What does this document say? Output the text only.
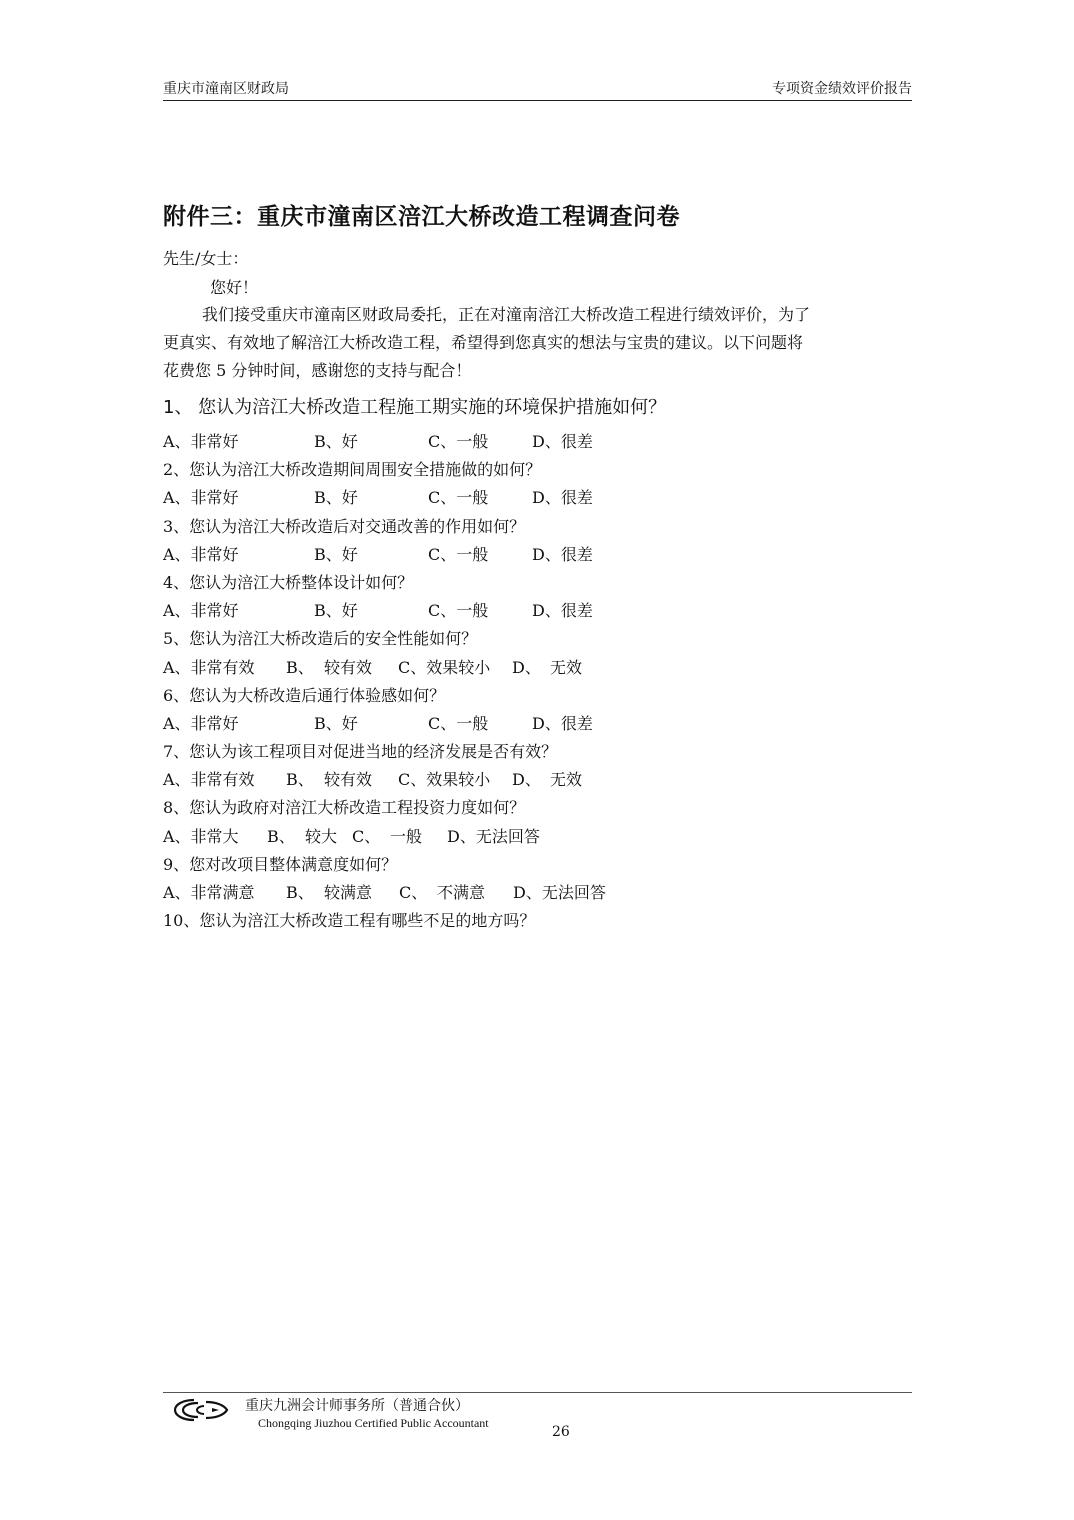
重庆市潼南区财政局	专项资金绩效评价报告
附件三：重庆市潼南区涪江大桥改造工程调查问卷
先生/女士：
您好！
我们接受重庆市潼南区财政局委托，正在对潼南涪江大桥改造工程进行绩效评价，为了
更真实、有效地了解涪江大桥改造工程，希望得到您真实的想法与宝贵的建议。以下问题将
花费您 5 分钟时间，感谢您的支持与配合！
1、 您认为涪江大桥改造工程施工期实施的环境保护措施如何？
A、非常好	B、好	C、一般	D、很差
2、您认为涪江大桥改造期间周围安全措施做的如何？
A、非常好	B、好	C、一般	D、很差
3、您认为涪江大桥改造后对交通改善的作用如何？
A、非常好	B、好	C、一般	D、很差
4、您认为涪江大桥整体设计如何？
A、非常好	B、好	C、一般	D、很差
5、您认为涪江大桥改造后的安全性能如何？
A、非常有效 B、 较有效 C、效果较小 D、 无效
6、您认为大桥改造后通行体验感如何？
A、非常好	B、好	C、一般	D、很差
7、您认为该工程项目对促进当地的经济发展是否有效？
A、非常有效 B、 较有效 C、效果较小 D、 无效
8、您认为政府对涪江大桥改造工程投资力度如何？
A、非常大 B、 较大 C、 一般 D、无法回答
9、您对改项目整体满意度如何？
A、非常满意 B、 较满意 C、 不满意 D、无法回答
10、您认为涪江大桥改造工程有哪些不足的地方吗？
重庆九洲会计师事务所（普通合伙）
Chongqing Jiuzhou Certified Public Accountant
26
